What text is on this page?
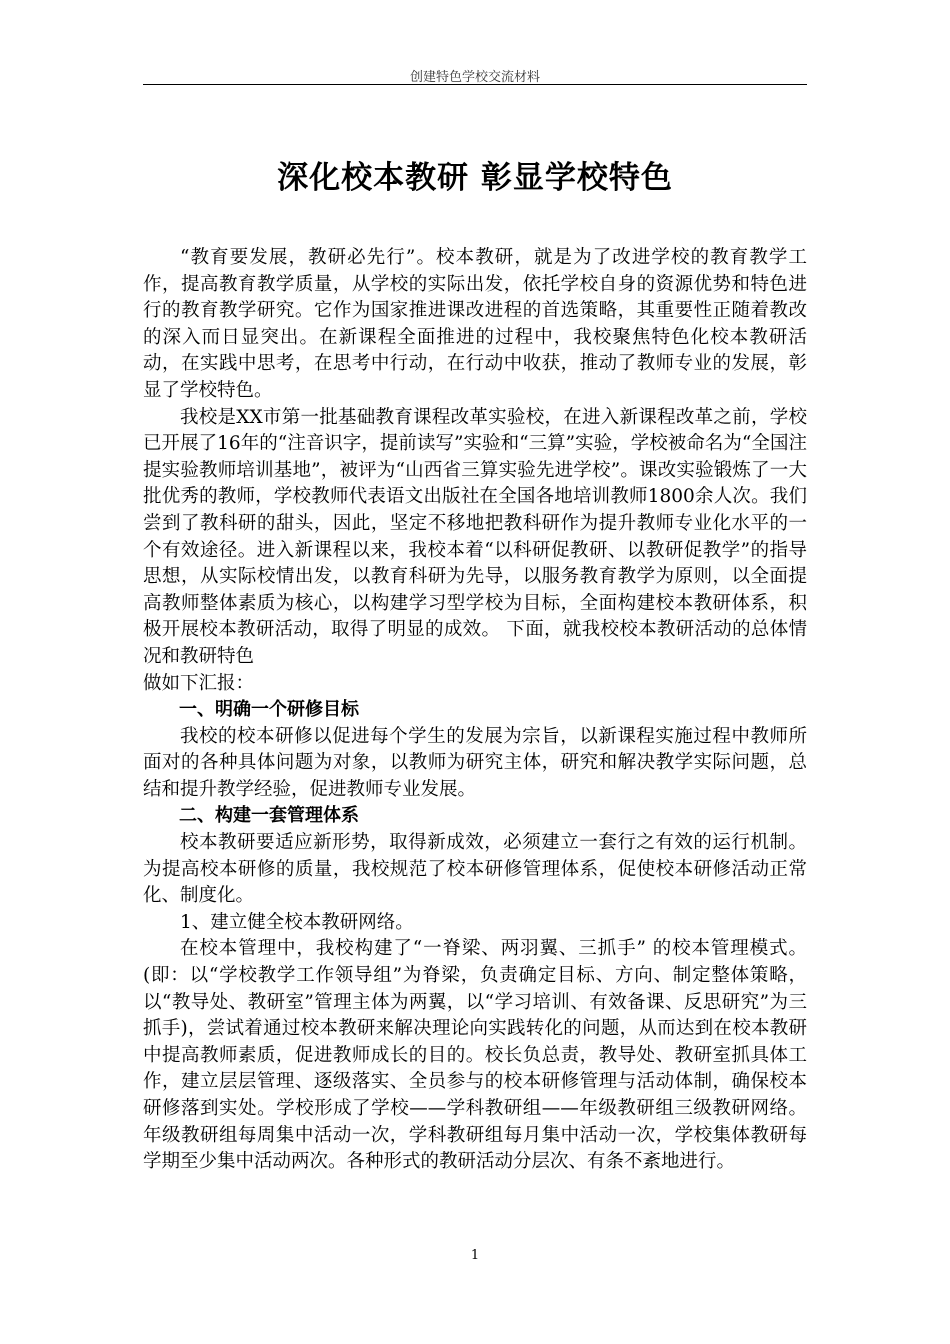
创建特色学校交流材料
深化校本教研 彰显学校特色

“教育要发展，教研必先行”。校本教研，就是为了改进学校的教育教学工作，提高教育教学质量，从学校的实际出发，依托学校自身的资源优势和特色进行的教育教学研究。它作为国家推进课改进程的首选策略，其重要性正随着教改的深入而日显突出。在新课程全面推进的过程中，我校聚焦特色化校本教研活动，在实践中思考，在思考中行动，在行动中收获，推动了教师专业的发展，彰显了学校特色。

我校是XX市第一批基础教育课程改革实验校，在进入新课程改革之前，学校已开展了16年的“注音识字，提前读写”实验和“三算”实验，学校被命名为“全国注提实验教师培训基地”，被评为“山西省三算实验先进学校”。课改实验锻炼了一大批优秀的教师，学校教师代表语文出版社在全国各地培训教师1800余人次。我们尝到了教科研的甜头，因此，坚定不移地把教科研作为提升教师专业化水平的一个有效途径。进入新课程以来，我校本着“以科研促教研、以教研促教学”的指导思想，从实际校情出发，以教育科研为先导，以服务教育教学为原则，以全面提高教师整体素质为核心，以构建学习型学校为目标，全面构建校本教研体系，积极开展校本教研活动，取得了明显的成效。 下面，就我校校本教研活动的总体情况和教研特色

做如下汇报：

一、明确一个研修目标

我校的校本研修以促进每个学生的发展为宗旨，以新课程实施过程中教师所面对的各种具体问题为对象，以教师为研究主体，研究和解决教学实际问题，总结和提升教学经验，促进教师专业发展。

二、构建一套管理体系

校本教研要适应新形势，取得新成效，必须建立一套行之有效的运行机制。为提高校本研修的质量，我校规范了校本研修管理体系，促使校本研修活动正常化、制度化。

1、建立健全校本教研网络。

在校本管理中，我校构建了“一脊梁、两羽翼、三抓手” 的校本管理模式。(即：以“学校教学工作领导组”为脊梁，负责确定目标、方向、制定整体策略，以“教导处、教研室”管理主体为两翼，以“学习培训、有效备课、反思研究”为三抓手)，尝试着通过校本教研来解决理论向实践转化的问题，从而达到在校本教研中提高教师素质，促进教师成长的目的。校长负总责，教导处、教研室抓具体工作，建立层层管理、逐级落实、全员参与的校本研修管理与活动体制，确保校本研修落到实处。学校形成了学校——学科教研组——年级教研组三级教研网络。年级教研组每周集中活动一次，学科教研组每月集中活动一次，学校集体教研每学期至少集中活动两次。各种形式的教研活动分层次、有条不紊地进行。

1
